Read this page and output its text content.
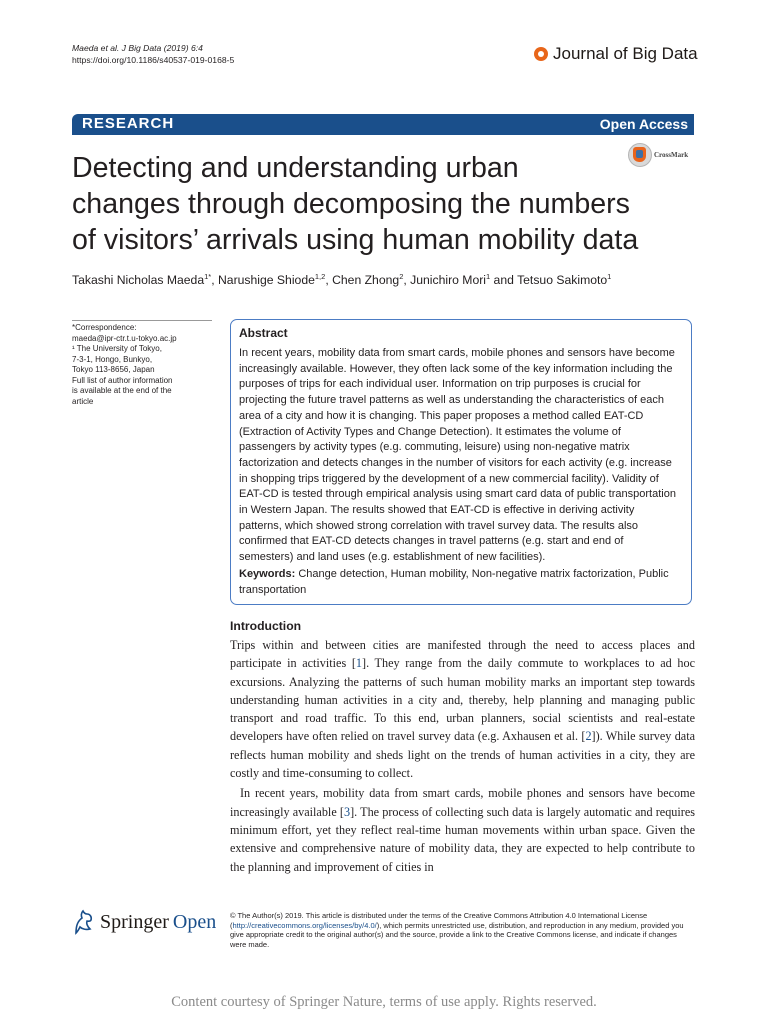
Maeda et al. J Big Data (2019) 6:4
https://doi.org/10.1186/s40537-019-0168-5	Journal of Big Data
RESEARCH	Open Access
Detecting and understanding urban
changes through decomposing the numbers
of visitors’ arrivals using human mobility data
CrossMark
Takashi Nicholas Maeda$^{1*}$, Narushige Shiode$^{1,2}$, Chen Zhong$^2$, Junichiro Mori$^1$ and Tetsuo Sakimoto$^1$
*Correspondence:
maeda@ipr-ctr.t.u-tokyo.ac.jp
¹ The University of Tokyo,
7-3-1, Hongo, Bunkyo,
Tokyo 113-8656, Japan
Full list of author information
is available at the end of the
article
Abstract
In recent years, mobility data from smart cards, mobile phones and sensors have become increasingly available. However, they often lack some of the key information including the purposes of trips for each individual user. Information on trip purposes is crucial for projecting the future travel patterns as well as understanding the characteristics of each area of a city and how it is changing. This paper proposes a method called EAT-CD (Extraction of Activity Types and Change Detection). It estimates the volume of passengers by activity types (e.g. commuting, leisure) using non-negative matrix factorization and detects changes in the number of visitors for each activity (e.g. increase in shopping trips triggered by the development of a new commercial facility). Validity of EAT-CD is tested through empirical analysis using smart card data of public transportation in Western Japan. The results showed that EAT-CD is effective in deriving activity patterns, which showed strong correlation with travel survey data. The results also confirmed that EAT-CD detects changes in travel patterns (e.g. start and end of semesters) and land uses (e.g. establishment of new facilities).
Keywords: Change detection, Human mobility, Non-negative matrix factorization, Public transportation
Introduction

Trips within and between cities are manifested through the need to access places and participate in activities [1]. They range from the daily commute to workplaces to ad hoc excursions. Analyzing the patterns of such human mobility marks an important step towards understanding human activities in a city and, thereby, help planning and managing public transport and road traffic. To this end, urban planners, social scientists and real-estate developers have often relied on travel survey data (e.g. Axhausen et al. [2]). While survey data reflects human mobility and sheds light on the trends of human activities in a city, they are costly and time-consuming to collect.

In recent years, mobility data from smart cards, mobile phones and sensors have become increasingly available [3]. The process of collecting such data is largely automatic and requires minimum effort, yet they reflect real-time human movements within urban space. Given the extensive and comprehensive nature of mobility data, they are expected to help contribute to the planning and improvement of cities in

Springer Open © The Author(s) 2019. This article is distributed under the terms of the Creative Commons Attribution 4.0 International License (http://creativecommons.org/licenses/by/4.0/), which permits unrestricted use, distribution, and reproduction in any medium, provided you give appropriate credit to the original author(s) and the source, provide a link to the Creative Commons license, and indicate if changes were made.
Content courtesy of Springer Nature, terms of use apply. Rights reserved.
